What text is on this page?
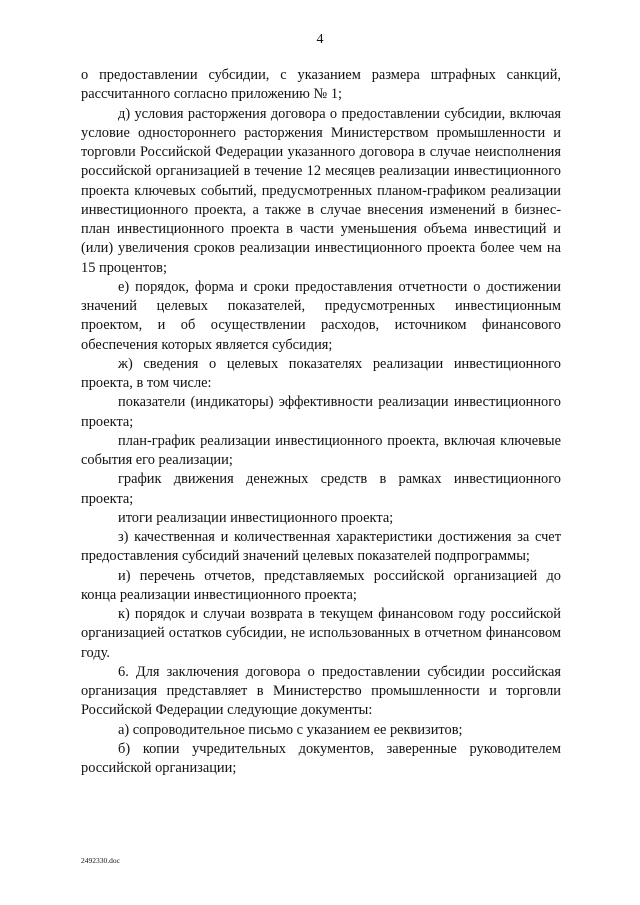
4

о предоставлении субсидии, с указанием размера штрафных санкций, рассчитанного согласно приложению № 1;

д) условия расторжения договора о предоставлении субсидии, включая условие одностороннего расторжения Министерством промышленности и торговли Российской Федерации указанного договора в случае неисполнения российской организацией в течение 12 месяцев реализации инвестиционного проекта ключевых событий, предусмотренных планом-графиком реализации инвестиционного проекта, а также в случае внесения изменений в бизнес-план инвестиционного проекта в части уменьшения объема инвестиций и (или) увеличения сроков реализации инвестиционного проекта более чем на 15 процентов;

е) порядок, форма и сроки предоставления отчетности о достижении значений целевых показателей, предусмотренных инвестиционным проектом, и об осуществлении расходов, источником финансового обеспечения которых является субсидия;

ж) сведения о целевых показателях реализации инвестиционного проекта, в том числе:

показатели (индикаторы) эффективности реализации инвестиционного проекта;

план-график реализации инвестиционного проекта, включая ключевые события его реализации;

график движения денежных средств в рамках инвестиционного проекта;

итоги реализации инвестиционного проекта;

з) качественная и количественная характеристики достижения за счет предоставления субсидий значений целевых показателей подпрограммы;

и) перечень отчетов, представляемых российской организацией до конца реализации инвестиционного проекта;

к) порядок и случаи возврата в текущем финансовом году российской организацией остатков субсидии, не использованных в отчетном финансовом году.

6. Для заключения договора о предоставлении субсидии российская организация представляет в Министерство промышленности и торговли Российской Федерации следующие документы:

а) сопроводительное письмо с указанием ее реквизитов;

б) копии учредительных документов, заверенные руководителем российской организации;

2492330.doc
